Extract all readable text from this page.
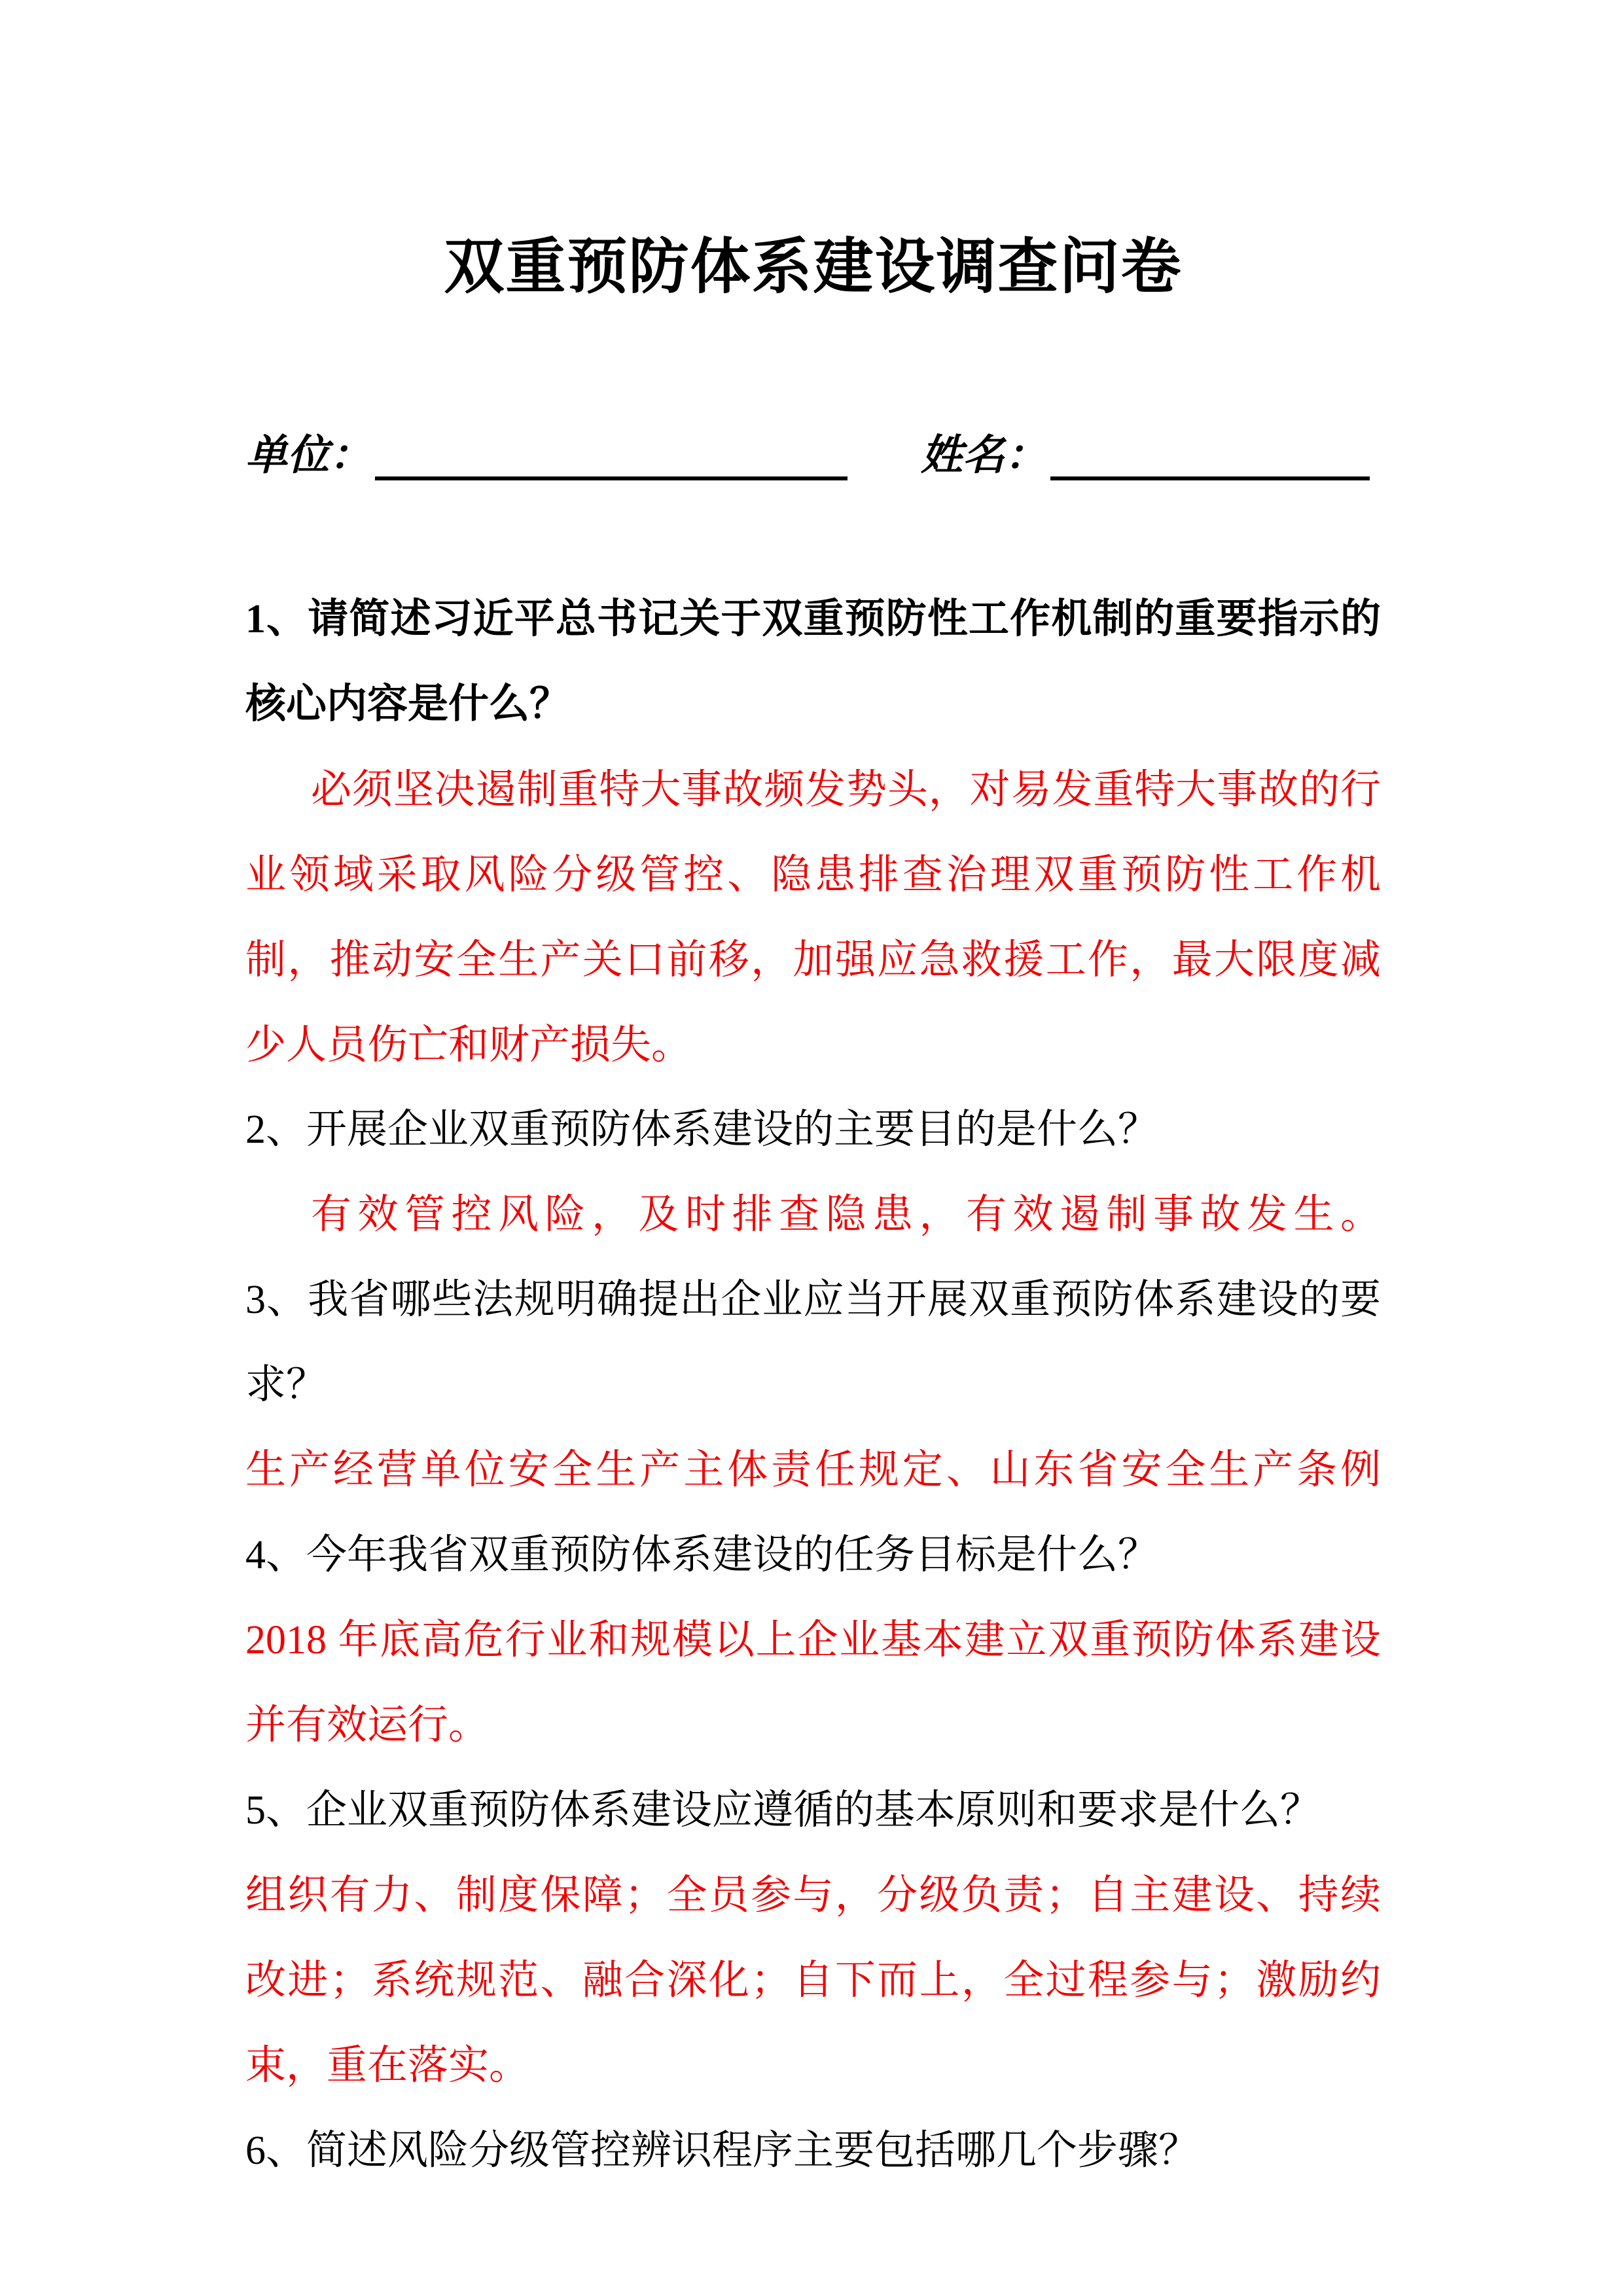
双重预防体系建设调查问卷
单位：	姓名：

1、请简述习近平总书记关于双重预防性工作机制的重要指示的核心内容是什么？

必须坚决遏制重特大事故频发势头，对易发重特大事故的行业领域采取风险分级管控、隐患排查治理双重预防性工作机制，推动安全生产关口前移，加强应急救援工作，最大限度减少人员伤亡和财产损失。

2、开展企业双重预防体系建设的主要目的是什么？

有效管控风险，及时排查隐患，有效遏制事故发生。

3、我省哪些法规明确提出企业应当开展双重预防体系建设的要求？

生产经营单位安全生产主体责任规定、山东省安全生产条例

4、今年我省双重预防体系建设的任务目标是什么？

2018 年底高危行业和规模以上企业基本建立双重预防体系建设并有效运行。

5、企业双重预防体系建设应遵循的基本原则和要求是什么？

组织有力、制度保障；全员参与，分级负责；自主建设、持续改进；系统规范、融合深化；自下而上，全过程参与；激励约束，重在落实。

6、简述风险分级管控辨识程序主要包括哪几个步骤？
